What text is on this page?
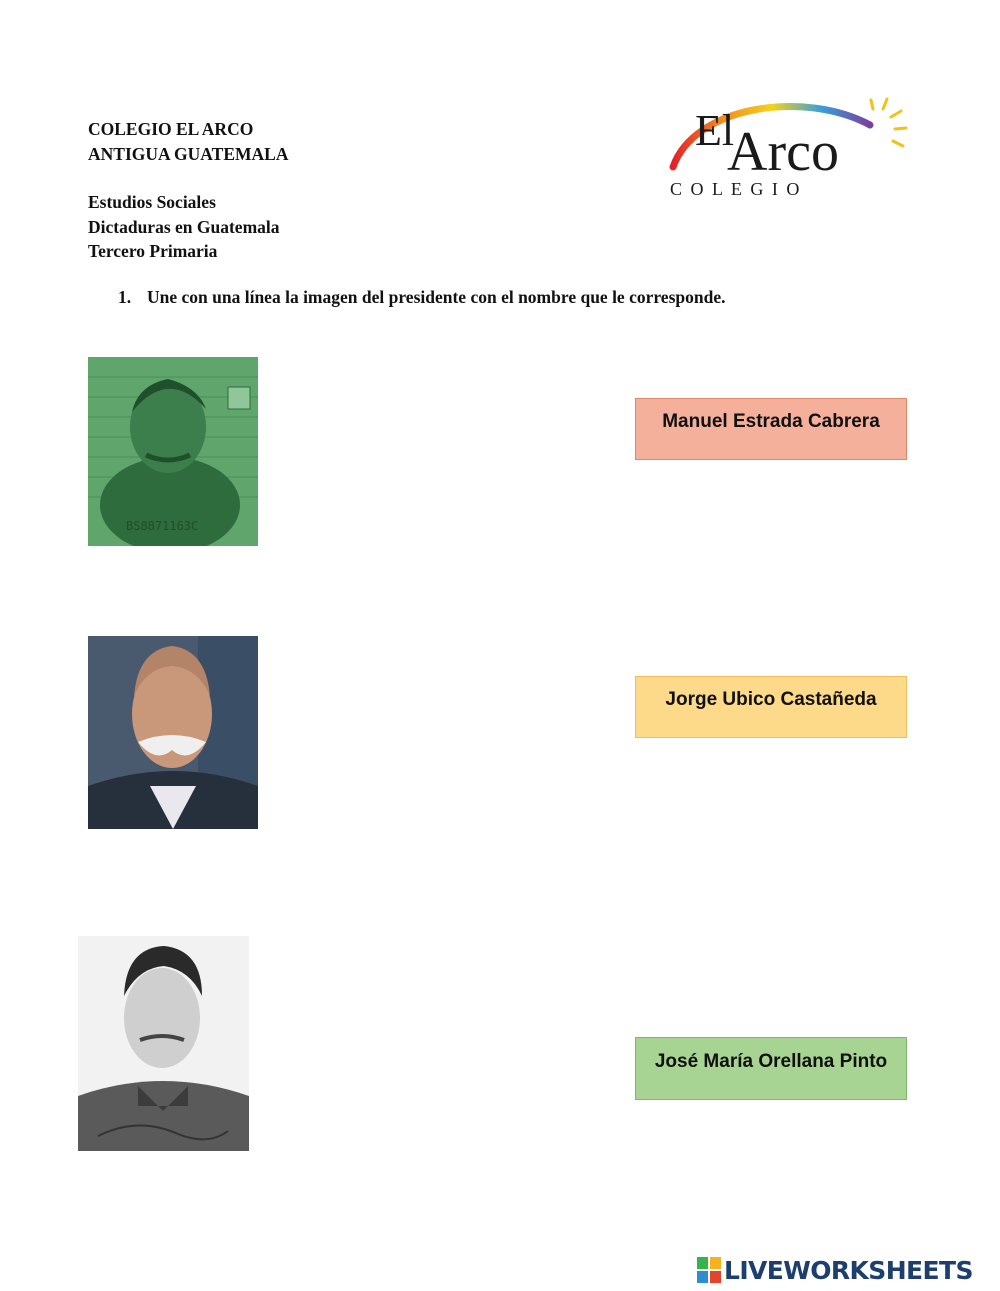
COLEGIO EL ARCO
ANTIGUA GUATEMALA
Estudios Sociales
Dictaduras en Guatemala
Tercero Primaria
El
Arco
C O L E G I O
1. Une con una línea la imagen del presidente con el nombre que le corresponde.
BS8871163C
Manuel Estrada Cabrera
Jorge Ubico Castañeda
José María Orellana Pinto
LIVEWORKSHEETS
